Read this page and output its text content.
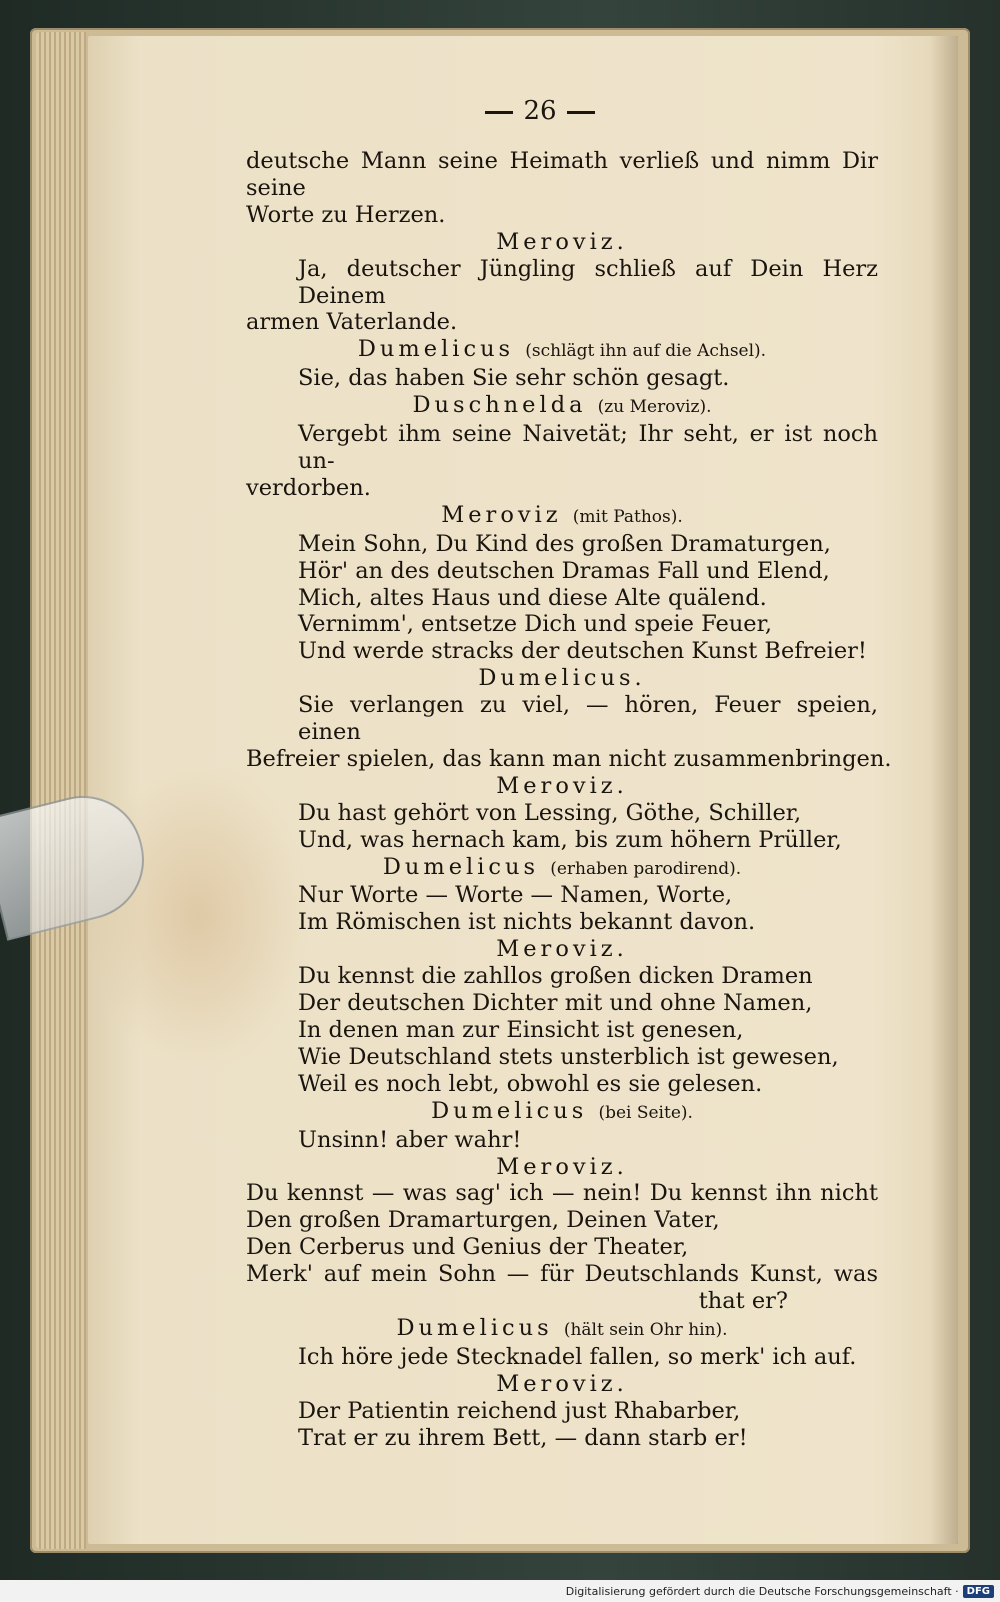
26
deutsche Mann seine Heimath verließ und nimm Dir seine
Worte zu Herzen.
Meroviz.
Ja, deutscher Jüngling schließ auf Dein Herz Deinem
armen Vaterlande.
Dumelicus (schlägt ihn auf die Achsel).
Sie, das haben Sie sehr schön gesagt.
Duschnelda (zu Meroviz).
Vergebt ihm seine Naivetät; Ihr seht, er ist noch un-
verdorben.
Meroviz (mit Pathos).
Mein Sohn, Du Kind des großen Dramaturgen,
Hör' an des deutschen Dramas Fall und Elend,
Mich, altes Haus und diese Alte quälend.
Vernimm', entsetze Dich und speie Feuer,
Und werde stracks der deutschen Kunst Befreier!
Dumelicus.
Sie verlangen zu viel, — hören, Feuer speien, einen
Befreier spielen, das kann man nicht zusammenbringen.
Meroviz.
Du hast gehört von Lessing, Göthe, Schiller,
Und, was hernach kam, bis zum höhern Prüller,
Dumelicus (erhaben parodirend).
Nur Worte — Worte — Namen, Worte,
Im Römischen ist nichts bekannt davon.
Meroviz.
Du kennst die zahllos großen dicken Dramen
Der deutschen Dichter mit und ohne Namen,
In denen man zur Einsicht ist genesen,
Wie Deutschland stets unsterblich ist gewesen,
Weil es noch lebt, obwohl es sie gelesen.
Dumelicus (bei Seite).
Unsinn! aber wahr!
Meroviz.
Du kennst — was sag' ich — nein! Du kennst ihn nicht
Den großen Dramarturgen, Deinen Vater,
Den Cerberus und Genius der Theater,
Merk' auf mein Sohn — für Deutschlands Kunst, was
that er?
Dumelicus (hält sein Ohr hin).
Ich höre jede Stecknadel fallen, so merk' ich auf.
Meroviz.
Der Patientin reichend just Rhabarber,
Trat er zu ihrem Bett, — dann starb er!
Digitalisierung gefördert durch die Deutsche Forschungsgemeinschaft · DFG
